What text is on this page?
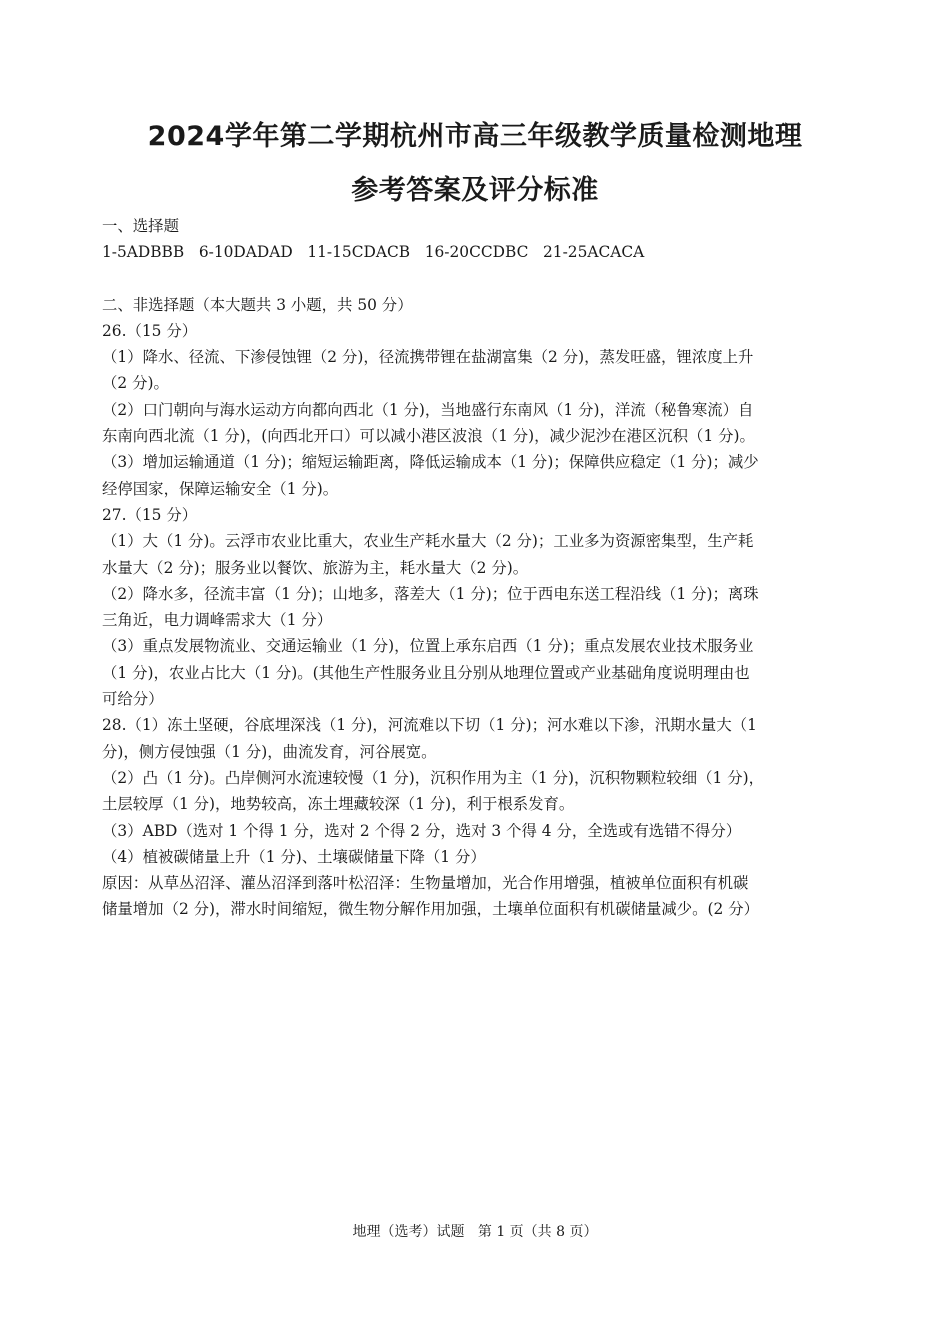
2024学年第二学期杭州市高三年级教学质量检测地理
参考答案及评分标准
一、选择题
1-5ADBBB   6-10DADAD   11-15CDACB   16-20CCDBC   21-25ACACA
二、非选择题（本大题共 3 小题，共 50 分）
26.（15 分）
（1）降水、径流、下渗侵蚀锂（2 分)，径流携带锂在盐湖富集（2 分)，蒸发旺盛，锂浓度上升
（2 分)。
（2）口门朝向与海水运动方向都向西北（1 分)，当地盛行东南风（1 分)，洋流（秘鲁寒流）自
东南向西北流（1 分)，(向西北开口）可以减小港区波浪（1 分)，减少泥沙在港区沉积（1 分)。
（3）增加运输通道（1 分)；缩短运输距离，降低运输成本（1 分)；保障供应稳定（1 分)；减少
经停国家，保障运输安全（1 分)。
27.（15 分）
（1）大（1 分)。云浮市农业比重大，农业生产耗水量大（2 分)；工业多为资源密集型，生产耗
水量大（2 分)；服务业以餐饮、旅游为主，耗水量大（2 分)。
（2）降水多，径流丰富（1 分)；山地多，落差大（1 分)；位于西电东送工程沿线（1 分)；离珠
三角近，电力调峰需求大（1 分）
（3）重点发展物流业、交通运输业（1 分)，位置上承东启西（1 分)；重点发展农业技术服务业
（1 分)，农业占比大（1 分)。(其他生产性服务业且分别从地理位置或产业基础角度说明理由也
可给分）
28.（1）冻土坚硬，谷底埋深浅（1 分)，河流难以下切（1 分)；河水难以下渗，汛期水量大（1
分)，侧方侵蚀强（1 分)，曲流发育，河谷展宽。
（2）凸（1 分)。凸岸侧河水流速较慢（1 分)，沉积作用为主（1 分)，沉积物颗粒较细（1 分)，
土层较厚（1 分)，地势较高，冻土埋藏较深（1 分)，利于根系发育。
（3）ABD（选对 1 个得 1 分，选对 2 个得 2 分，选对 3 个得 4 分，全选或有选错不得分）
（4）植被碳储量上升（1 分)、土壤碳储量下降（1 分）
原因：从草丛沼泽、灌丛沼泽到落叶松沼泽：生物量增加，光合作用增强，植被单位面积有机碳
储量增加（2 分)，滞水时间缩短，微生物分解作用加强，土壤单位面积有机碳储量减少。(2 分）
地理（选考）试题   第 1 页（共 8 页）
